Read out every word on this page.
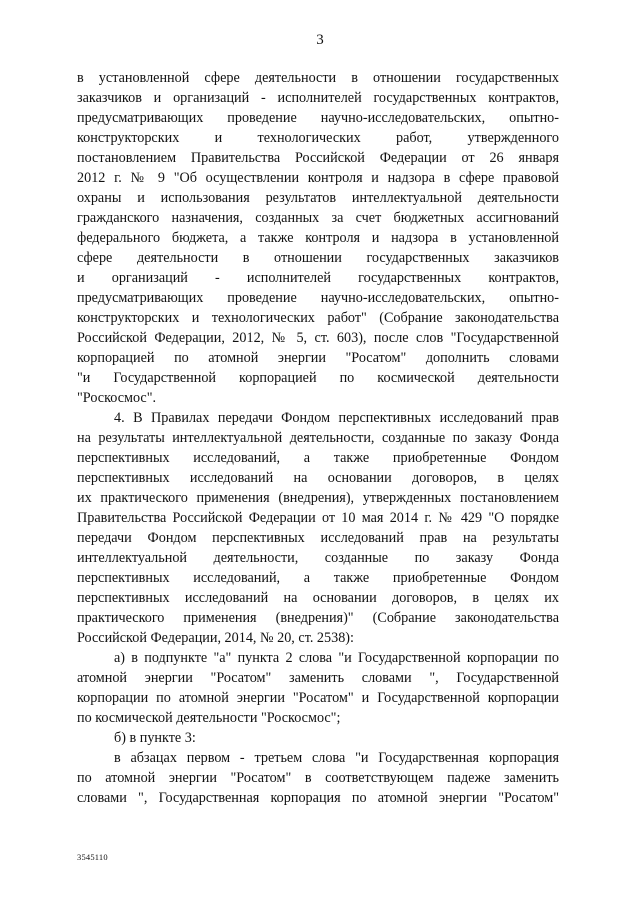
3
в установленной сфере деятельности в отношении государственных
заказчиков и организаций - исполнителей государственных контрактов,
предусматривающих проведение научно-исследовательских, опытно-
конструкторских и технологических работ, утвержденного
постановлением Правительства Российской Федерации от 26 января
2012 г. № 9 "Об осуществлении контроля и надзора в сфере правовой
охраны и использования результатов интеллектуальной деятельности
гражданского назначения, созданных за счет бюджетных ассигнований
федерального бюджета, а также контроля и надзора в установленной
сфере деятельности в отношении государственных заказчиков
и организаций - исполнителей государственных контрактов,
предусматривающих проведение научно-исследовательских, опытно-
конструкторских и технологических работ" (Собрание законодательства
Российской Федерации, 2012, № 5, ст. 603), после слов "Государственной
корпорацией по атомной энергии "Росатом" дополнить словами
"и Государственной корпорацией по космической деятельности
"Роскосмос".
4. В Правилах передачи Фондом перспективных исследований прав
на результаты интеллектуальной деятельности, созданные по заказу Фонда
перспективных исследований, а также приобретенные Фондом
перспективных исследований на основании договоров, в целях
их практического применения (внедрения), утвержденных постановлением
Правительства Российской Федерации от 10 мая 2014 г. № 429 "О порядке
передачи Фондом перспективных исследований прав на результаты
интеллектуальной деятельности, созданные по заказу Фонда
перспективных исследований, а также приобретенные Фондом
перспективных исследований на основании договоров, в целях их
практического применения (внедрения)" (Собрание законодательства
Российской Федерации, 2014, № 20, ст. 2538):
а) в подпункте "а" пункта 2 слова "и Государственной корпорации по
атомной энергии "Росатом" заменить словами ", Государственной
корпорации по атомной энергии "Росатом" и Государственной корпорации
по космической деятельности "Роскосмос";
б) в пункте 3:
в абзацах первом - третьем слова "и Государственная корпорация
по атомной энергии "Росатом" в соответствующем падеже заменить
словами ", Государственная корпорация по атомной энергии "Росатом"
3545110
